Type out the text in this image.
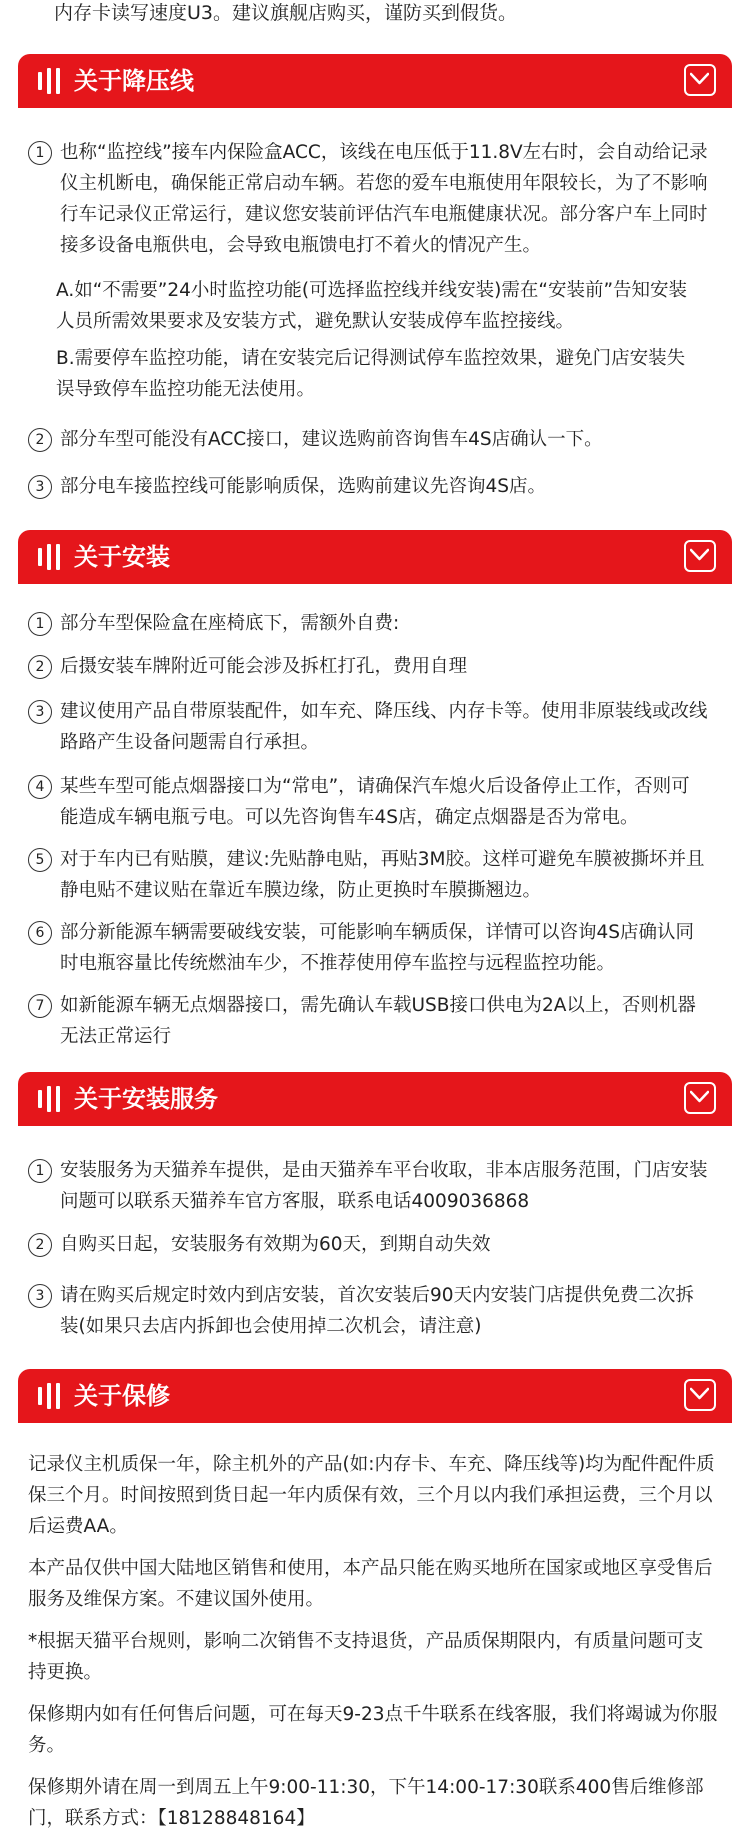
内存卡读写速度U3。建议旗舰店购买，谨防买到假货。
关于降压线
1 也称“监控线”接车内保险盒ACC，该线在电压低于11.8V左右时，会自动给记录仪主机断电，确保能正常启动车辆。若您的爱车电瓶使用年限较长，为了不影响行车记录仪正常运行，建议您安装前评估汽车电瓶健康状况。部分客户车上同时接多设备电瓶供电，会导致电瓶馈电打不着火的情况产生。
A.如“不需要”24小时监控功能(可选择监控线并线安装)需在“安装前”告知安装人员所需效果要求及安装方式，避免默认安装成停车监控接线。
B.需要停车监控功能，请在安装完后记得测试停车监控效果，避免门店安装失误导致停车监控功能无法使用。
2 部分车型可能没有ACC接口，建议选购前咨询售车4S店确认一下。
3 部分电车接监控线可能影响质保，选购前建议先咨询4S店。
关于安装
1 部分车型保险盒在座椅底下，需额外自费:
2 后摄安装车牌附近可能会涉及拆杠打孔，费用自理
3 建议使用产品自带原装配件，如车充、降压线、内存卡等。使用非原装线或改线路路产生设备问题需自行承担。
4 某些车型可能点烟器接口为“常电”，请确保汽车熄火后设备停止工作，否则可能造成车辆电瓶亏电。可以先咨询售车4S店，确定点烟器是否为常电。
5 对于车内已有贴膜，建议:先贴静电贴，再贴3M胶。这样可避免车膜被撕坏并且静电贴不建议贴在靠近车膜边缘，防止更换时车膜撕翘边。
6 部分新能源车辆需要破线安装，可能影响车辆质保，详情可以咨询4S店确认同时电瓶容量比传统燃油车少，不推荐使用停车监控与远程监控功能。
7 如新能源车辆无点烟器接口，需先确认车载USB接口供电为2A以上，否则机器无法正常运行
关于安装服务
1 安装服务为天猫养车提供，是由天猫养车平台收取，非本店服务范围，门店安装问题可以联系天猫养车官方客服，联系电话4009036868
2 自购买日起，安装服务有效期为60天，到期自动失效
3 请在购买后规定时效内到店安装，首次安装后90天内安装门店提供免费二次拆装(如果只去店内拆卸也会使用掉二次机会，请注意)
关于保修
记录仪主机质保一年，除主机外的产品(如:内存卡、车充、降压线等)均为配件配件质保三个月。时间按照到货日起一年内质保有效，三个月以内我们承担运费，三个月以后运费AA。
本产品仅供中国大陆地区销售和使用，本产品只能在购买地所在国家或地区享受售后服务及维保方案。不建议国外使用。
*根据天猫平台规则，影响二次销售不支持退货，产品质保期限内，有质量问题可支持更换。
保修期内如有任何售后问题，可在每天9-23点千牛联系在线客服，我们将竭诚为你服务。
保修期外请在周一到周五上午9:00-11:30，下午14:00-17:30联系400售后维修部门，联系方式：【18128848164】
